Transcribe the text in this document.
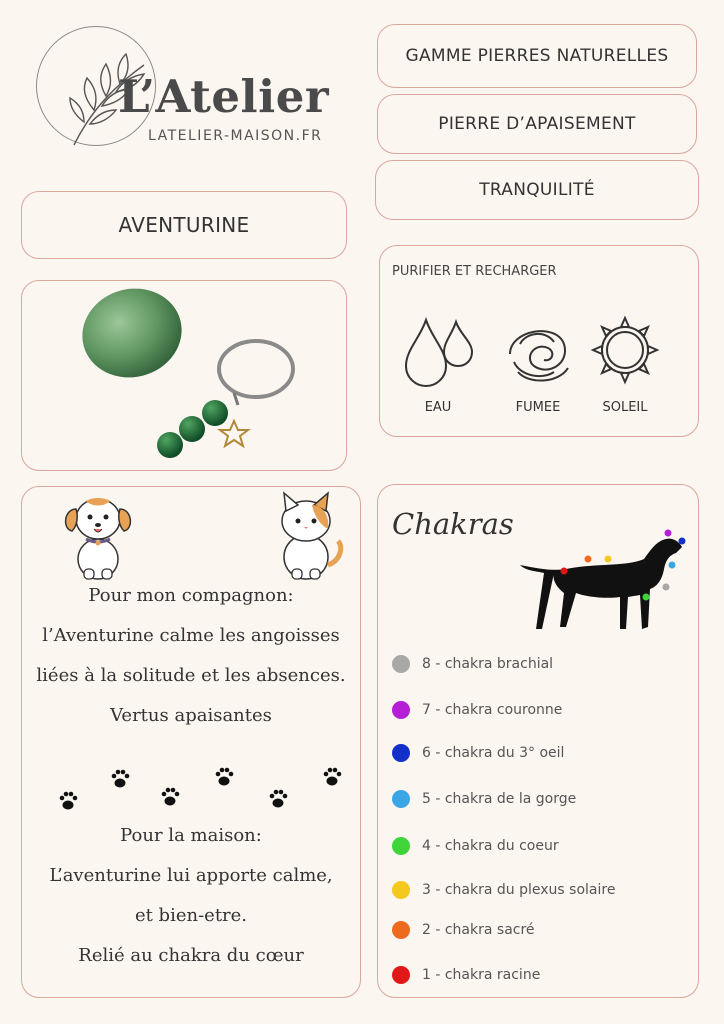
L’Atelier
LATELIER-MAISON.FR
GAMME PIERRES NATURELLES
PIERRE D’APAISEMENT
TRANQUILITÉ
AVENTURINE
PURIFIER ET RECHARGER
EAU	FUMEE	SOLEIL
Pour mon compagnon:
l’Aventurine calme les angoisses
liées à la solitude et les absences.
Vertus apaisantes
Pour la maison:
L’aventurine lui apporte calme,
et bien-etre.
Relié au chakra du cœur
Chakras
8 - chakra brachial
7 - chakra couronne
6 - chakra du 3° oeil
5 - chakra de la gorge
4 - chakra du coeur
3 - chakra du plexus solaire
2 - chakra sacré
1 - chakra racine
